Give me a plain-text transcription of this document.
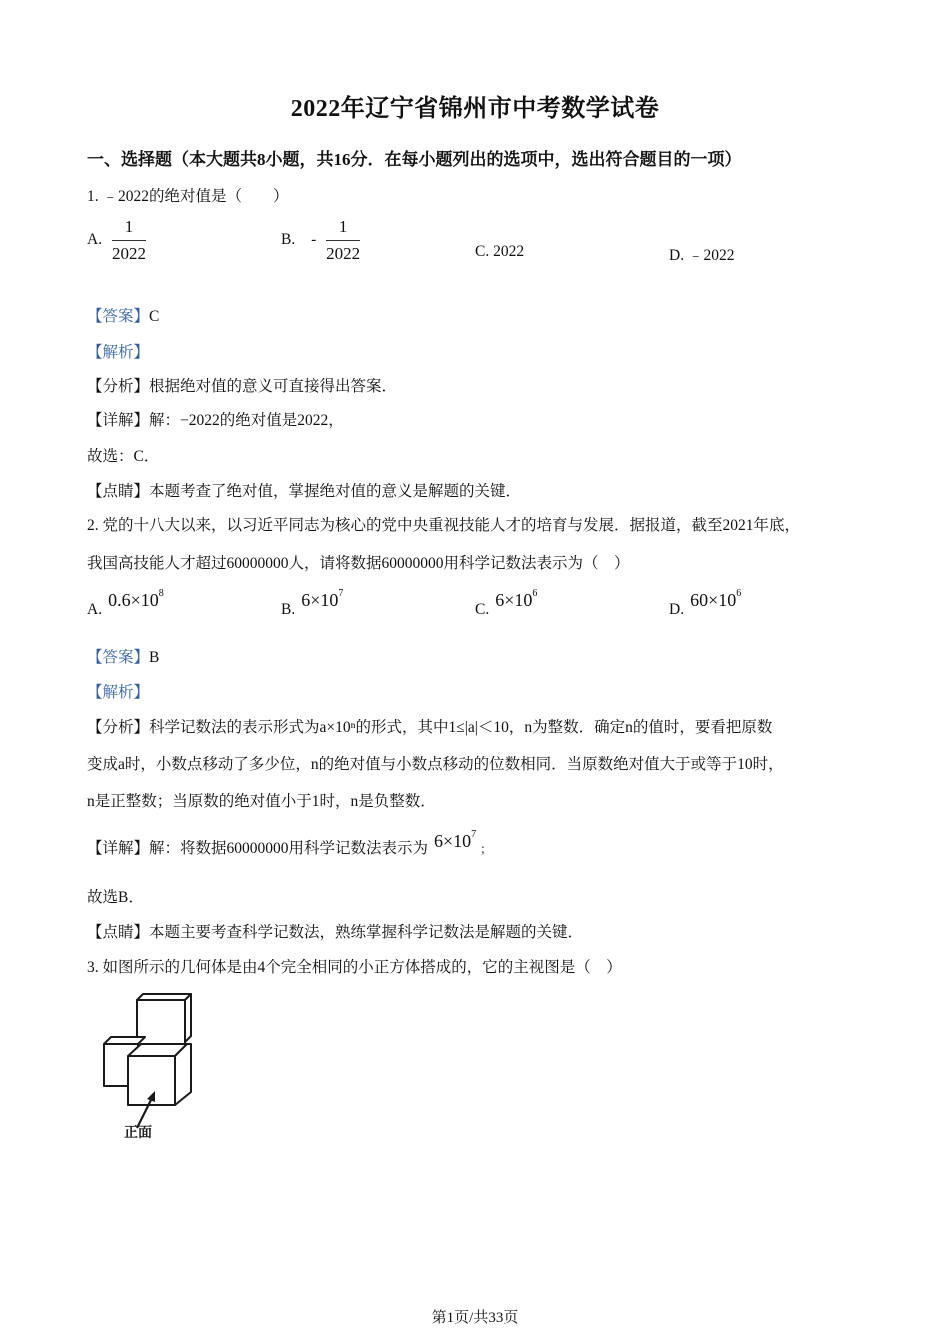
2022年辽宁省锦州市中考数学试卷
一、选择题（本大题共8小题，共16分．在每小题列出的选项中，选出符合题目的一项）
1. ﹣2022的绝对值是（　　）
A. $\frac{1}{2022}$	B. - $\frac{1}{2022}$	C. 2022	D. ﹣2022
【答案】C
【解析】
【分析】根据绝对值的意义可直接得出答案．
【详解】解：−2022的绝对值是2022，
故选：C．
【点睛】本题考查了绝对值，掌握绝对值的意义是解题的关键．
2. 党的十八大以来，以习近平同志为核心的党中央重视技能人才的培育与发展．据报道，截至2021年底，
我国高技能人才超过60000000人，请将数据60000000用科学记数法表示为（　）
A. $0.6\times 10^8$
B. $6\times 10^7$
C. $6\times 10^6$
D. $60\times 10^6$
【答案】B
【解析】
【分析】科学记数法的表示形式为a×10ⁿ的形式，其中1≤|a|＜10，n为整数．确定n的值时，要看把原数
变成a时，小数点移动了多少位，n的绝对值与小数点移动的位数相同．当原数绝对值大于或等于10时，
n是正整数；当原数的绝对值小于1时，n是负整数．
【详解】解：将数据60000000用科学记数法表示为 $6\times 10^7$；
故选B．
【点睛】本题主要考查科学记数法，熟练掌握科学记数法是解题的关键．
3. 如图所示的几何体是由4个完全相同的小正方体搭成的，它的主视图是（　）
正面
第1页/共33页
